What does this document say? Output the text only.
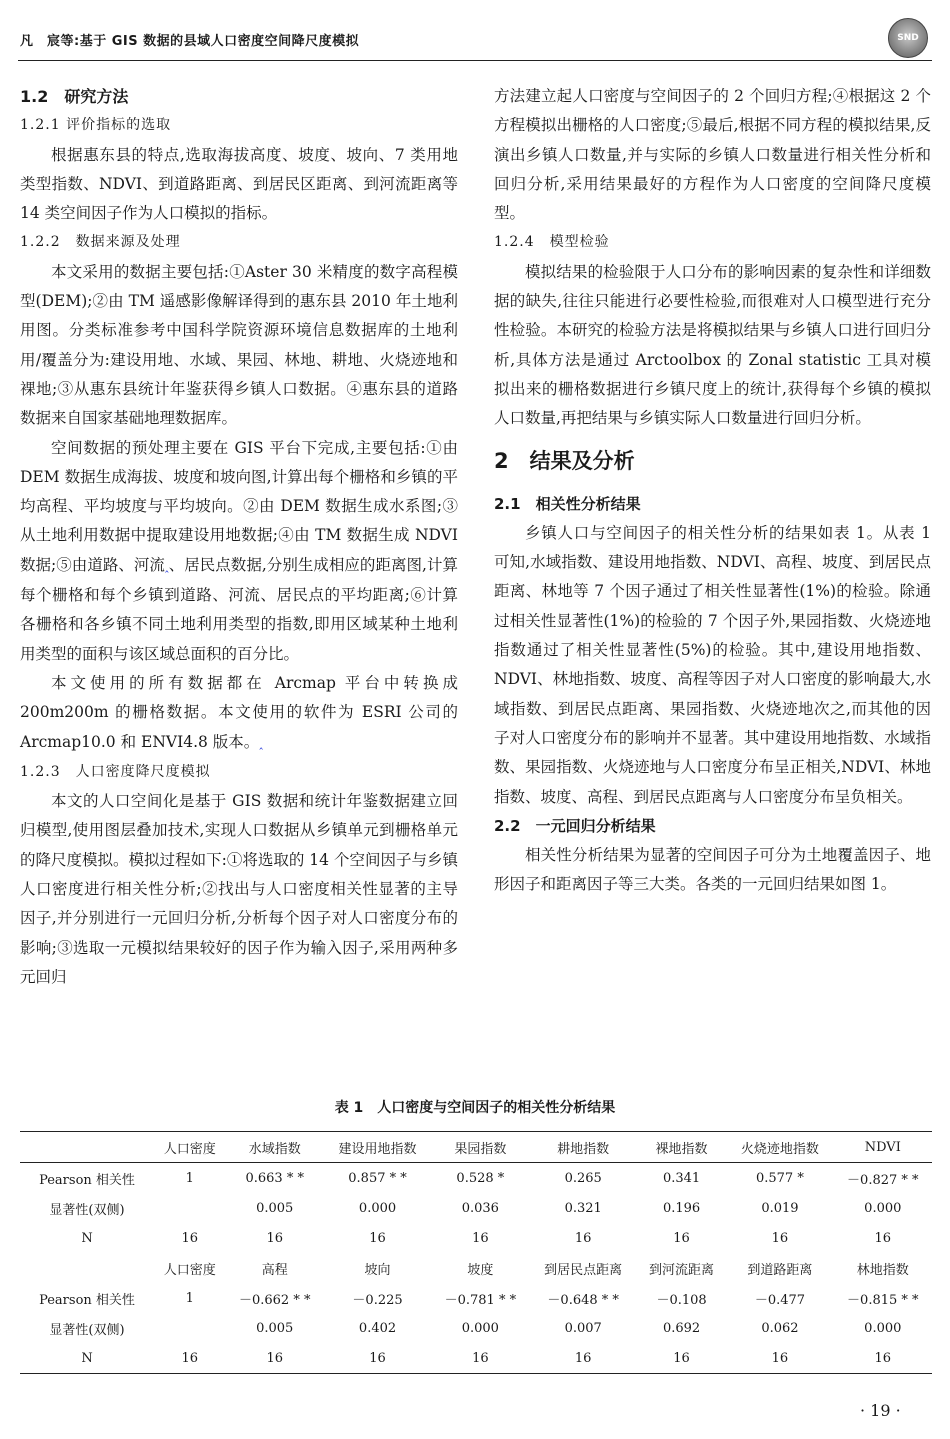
凡　宸等:基于 GIS 数据的县域人口密度空间降尺度模拟	SND
1.2　研究方法
1.2.1 评价指标的选取

根据惠东县的特点,选取海拔高度、坡度、坡向、7 类用地类型指数、NDVI、到道路距离、到居民区距离、到河流距离等 14 类空间因子作为人口模拟的指标。

1.2.2　数据来源及处理

本文采用的数据主要包括:①Aster 30 米精度的数字高程模型(DEM);②由 TM 遥感影像解译得到的惠东县 2010 年土地利用图。分类标准参考中国科学院资源环境信息数据库的土地利用/覆盖分为:建设用地、水域、果园、林地、耕地、火烧迹地和裸地;③从惠东县统计年鉴获得乡镇人口数据。④惠东县的道路数据来自国家基础地理数据库。

空间数据的预处理主要在 GIS 平台下完成,主要包括:①由 DEM 数据生成海拔、坡度和坡向图,计算出每个栅格和乡镇的平均高程、平均坡度与平均坡向。②由 DEM 数据生成水系图;③从土地利用数据中提取建设用地数据;④由 TM 数据生成 NDVI 数据;⑤由道路、河流‸、居民点数据,分别生成相应的距离图,计算每个栅格和每个乡镇到道路、河流、居民点的平均距离;⑥计算各栅格和各乡镇不同土地利用类型的指数,即用区域某种土地利用类型的面积与该区域总面积的百分比。

本文使用的所有数据都在 Arcmap 平台中转换成 200m200m 的栅格数据。本文使用的软件为 ESRI 公司的 Arcmap10.0 和 ENVI4.8 版本。‸

1.2.3　人口密度降尺度模拟

本文的人口空间化是基于 GIS 数据和统计年鉴数据建立回归模型,使用图层叠加技术,实现人口数据从乡镇单元到栅格单元的降尺度模拟。模拟过程如下:①将选取的 14 个空间因子与乡镇人口密度进行相关性分析;②找出与人口密度相关性显著的主导因子,并分别进行一元回归分析,分析每个因子对人口密度分布的影响;③选取一元模拟结果较好的因子作为输入因子,采用两种多元回归

方法建立起人口密度与空间因子的 2 个回归方程;④根据这 2 个方程模拟出栅格的人口密度;⑤最后,根据不同方程的模拟结果,反演出乡镇人口数量,并与实际的乡镇人口数量进行相关性分析和回归分析,采用结果最好的方程作为人口密度的空间降尺度模型。

1.2.4　模型检验

模拟结果的检验限于人口分布的影响因素的复杂性和详细数据的缺失,往往只能进行必要性检验,而很难对人口模型进行充分性检验。本研究的检验方法是将模拟结果与乡镇人口进行回归分析,具体方法是通过 Arctoolbox 的 Zonal statistic 工具对模拟出来的栅格数据进行乡镇尺度上的统计,获得每个乡镇的模拟人口数量,再把结果与乡镇实际人口数量进行回归分析。

2　结果及分析
2.1　相关性分析结果

乡镇人口与空间因子的相关性分析的结果如表 1。从表 1 可知,水域指数、建设用地指数、NDVI、高程、坡度、到居民点距离、林地等 7 个因子通过了相关性显著性(1%)的检验。除通过相关性显著性(1%)的检验的 7 个因子外,果园指数、火烧迹地指数通过了相关性显著性(5%)的检验。其中,建设用地指数、NDVI、林地指数、坡度、高程等因子对人口密度的影响最大,水域指数、到居民点距离、果园指数、火烧迹地次之,而其他的因子对人口密度分布的影响并不显著。其中建设用地指数、水域指数、果园指数、火烧迹地与人口密度分布呈正相关,NDVI、林地指数、坡度、高程、到居民点距离与人口密度分布呈负相关。

2.2　一元回归分析结果

相关性分析结果为显著的空间因子可分为土地覆盖因子、地形因子和距离因子等三大类。各类的一元回归结果如图 1。

表 1　人口密度与空间因子的相关性分析结果
	人口密度	水域指数	建设用地指数	果园指数	耕地指数	裸地指数	火烧迹地指数	NDVI
Pearson 相关性	1	0.663 * *	0.857 * *	0.528 *	0.265	0.341	0.577 *	－0.827 * *
显著性(双侧)		0.005	0.000	0.036	0.321	0.196	0.019	0.000
N	16	16	16	16	16	16	16	16
	人口密度	高程	坡向	坡度	到居民点距离	到河流距离	到道路距离	林地指数
Pearson 相关性	1	－0.662 * *	－0.225	－0.781 * *	－0.648 * *	－0.108	－0.477	－0.815 * *
显著性(双侧)		0.005	0.402	0.000	0.007	0.692	0.062	0.000
N	16	16	16	16	16	16	16	16
· 19 ·
